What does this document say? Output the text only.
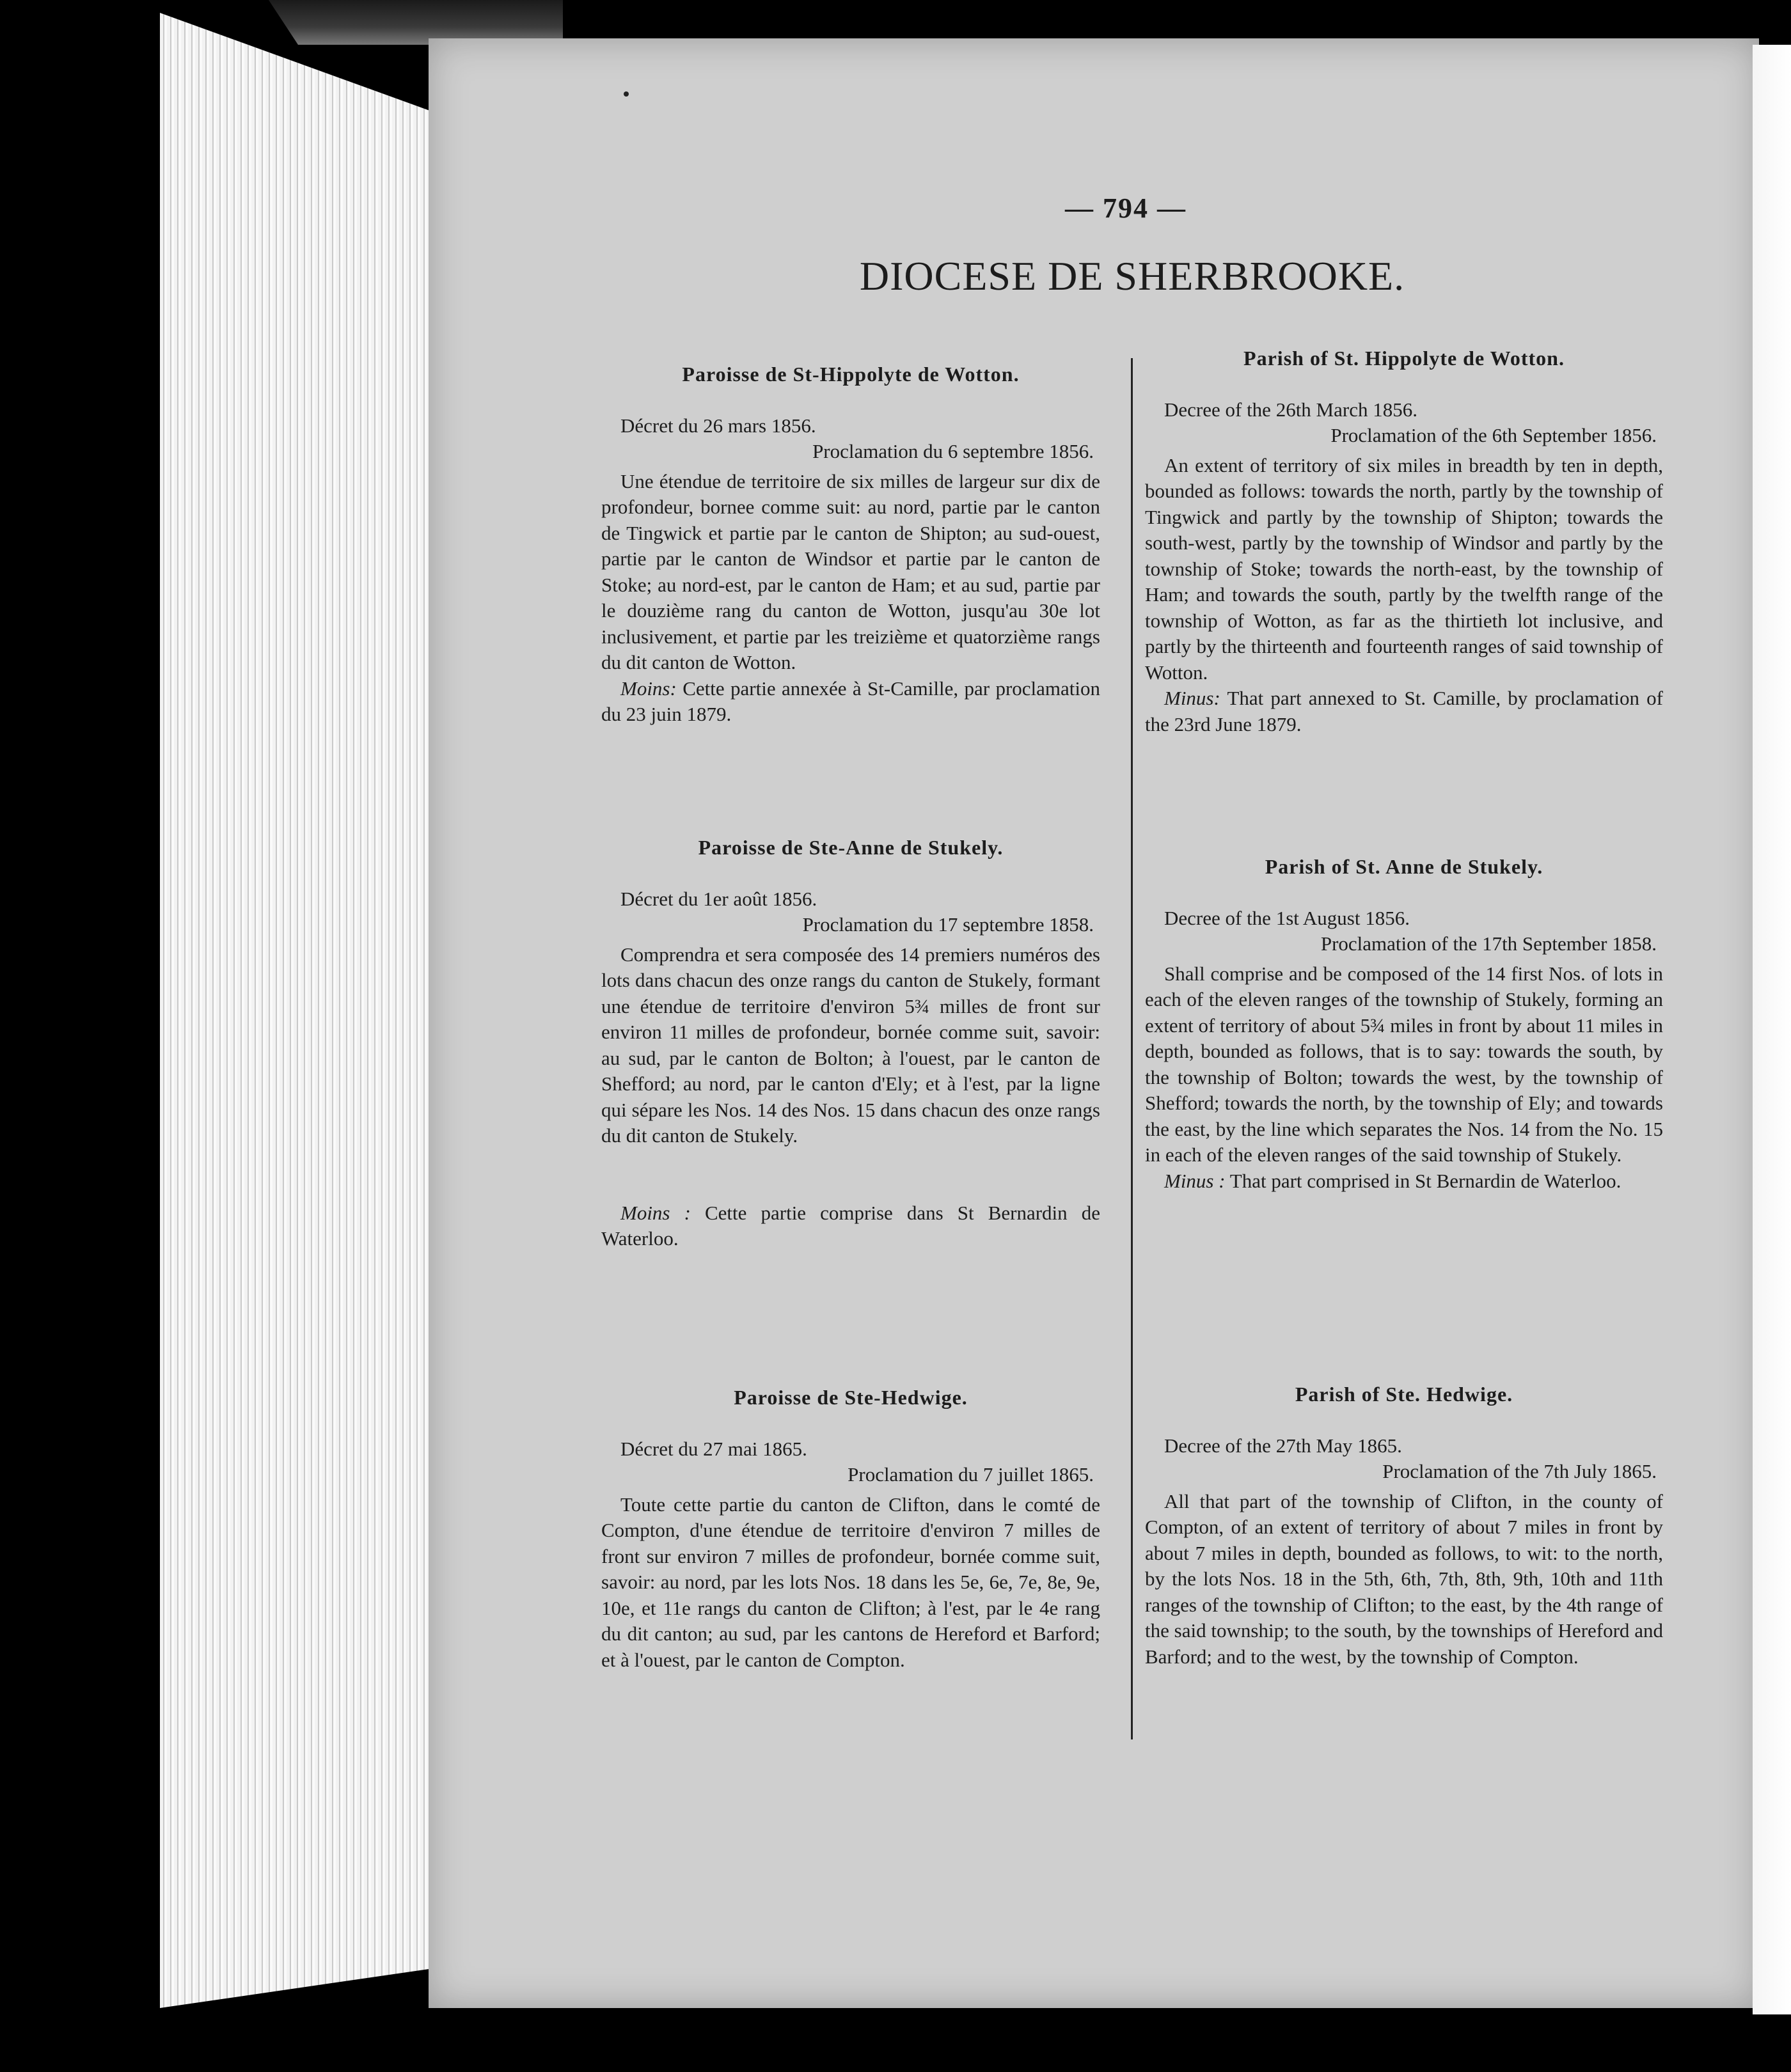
— 794 —
DIOCESE DE SHERBROOKE.

Paroisse de St-Hippolyte de Wotton.

Décret du 26 mars 1856.

Proclamation du 6 septembre 1856.

Une étendue de territoire de six milles de largeur sur dix de profondeur, bornee comme suit: au nord, partie par le canton de Tingwick et partie par le canton de Shipton; au sud-ouest, partie par le canton de Windsor et partie par le canton de Stoke; au nord-est, par le canton de Ham; et au sud, partie par le douzième rang du canton de Wotton, jusqu'au 30e lot inclusivement, et partie par les treizième et quatorzième rangs du dit canton de Wotton.

Moins: Cette partie annexée à St-Camille, par proclamation du 23 juin 1879.

Paroisse de Ste-Anne de Stukely.

Décret du 1er août 1856.

Proclamation du 17 septembre 1858.

Comprendra et sera composée des 14 premiers numéros des lots dans chacun des onze rangs du canton de Stukely, formant une étendue de territoire d'environ 5¾ milles de front sur environ 11 milles de profondeur, bornée comme suit, savoir: au sud, par le canton de Bolton; à l'ouest, par le canton de Shefford; au nord, par le canton d'Ely; et à l'est, par la ligne qui sépare les Nos. 14 des Nos. 15 dans chacun des onze rangs du dit canton de Stukely.

Moins : Cette partie comprise dans St Bernardin de Waterloo.

Paroisse de Ste-Hedwige.

Décret du 27 mai 1865.

Proclamation du 7 juillet 1865.

Toute cette partie du canton de Clifton, dans le comté de Compton, d'une étendue de territoire d'environ 7 milles de front sur environ 7 milles de profondeur, bornée comme suit, savoir: au nord, par les lots Nos. 18 dans les 5e, 6e, 7e, 8e, 9e, 10e, et 11e rangs du canton de Clifton; à l'est, par le 4e rang du dit canton; au sud, par les cantons de Hereford et Barford; et à l'ouest, par le canton de Compton.

Parish of St. Hippolyte de Wotton.

Decree of the 26th March 1856.

Proclamation of the 6th September 1856.

An extent of territory of six miles in breadth by ten in depth, bounded as follows: towards the north, partly by the township of Tingwick and partly by the township of Shipton; towards the south-west, partly by the township of Windsor and partly by the township of Stoke; towards the north-east, by the township of Ham; and towards the south, partly by the twelfth range of the township of Wotton, as far as the thirtieth lot inclusive, and partly by the thirteenth and fourteenth ranges of said township of Wotton.

Minus: That part annexed to St. Camille, by proclamation of the 23rd June 1879.

Parish of St. Anne de Stukely.

Decree of the 1st August 1856.

Proclamation of the 17th September 1858.

Shall comprise and be composed of the 14 first Nos. of lots in each of the eleven ranges of the township of Stukely, forming an extent of territory of about 5¾ miles in front by about 11 miles in depth, bounded as follows, that is to say: towards the south, by the township of Bolton; towards the west, by the township of Shefford; towards the north, by the township of Ely; and towards the east, by the line which separates the Nos. 14 from the No. 15 in each of the eleven ranges of the said township of Stukely.

Minus : That part comprised in St Bernardin de Waterloo.

Parish of Ste. Hedwige.

Decree of the 27th May 1865.

Proclamation of the 7th July 1865.

All that part of the township of Clifton, in the county of Compton, of an extent of territory of about 7 miles in front by about 7 miles in depth, bounded as follows, to wit: to the north, by the lots Nos. 18 in the 5th, 6th, 7th, 8th, 9th, 10th and 11th ranges of the township of Clifton; to the east, by the 4th range of the said township; to the south, by the townships of Hereford and Barford; and to the west, by the township of Compton.
